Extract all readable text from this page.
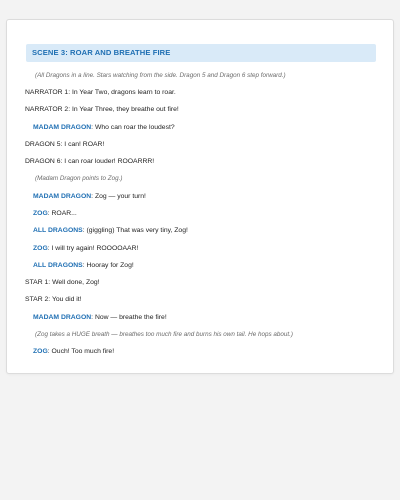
SCENE 3: ROAR AND BREATHE FIRE
(All Dragons in a line. Stars watching from the side. Dragon 5 and Dragon 6 step forward.)
NARRATOR 1: In Year Two, dragons learn to roar.
NARRATOR 2: In Year Three, they breathe out fire!
MADAM DRAGON: Who can roar the loudest?
DRAGON 5: I can! ROAR!
DRAGON 6: I can roar louder! ROOARRR!
(Madam Dragon points to Zog.)
MADAM DRAGON: Zog — your turn!
ZOG: ROAR...
ALL DRAGONS: (giggling) That was very tiny, Zog!
ZOG: I will try again! ROOOOAAR!
ALL DRAGONS: Hooray for Zog!
STAR 1: Well done, Zog!
STAR 2: You did it!
MADAM DRAGON: Now — breathe the fire!
(Zog takes a HUGE breath — breathes too much fire and burns his own tail. He hops about.)
ZOG: Ouch! Too much fire!
